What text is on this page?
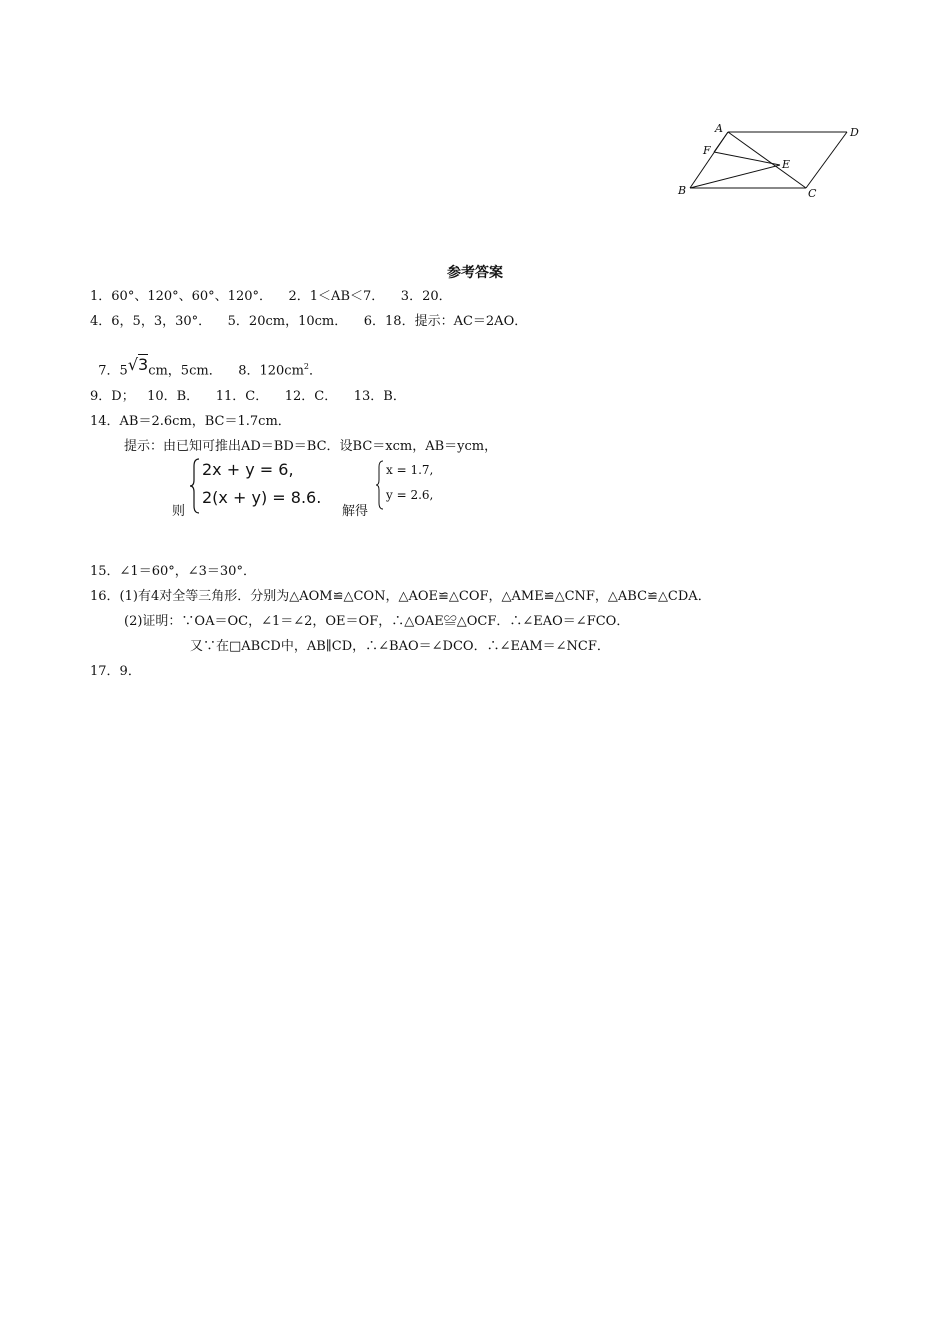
A	D
F
E
B	C
参考答案
1．60°、120°、60°、120°．    2．1＜AB＜7．    3．20．
4．6，5，3，30°．    5．20cm，10cm．    6．18．提示：AC＝2AO．

7．5√3cm，5cm．    8．$120cm^2$．

9．D；   10．B．    11．C．    12．C．    13．B．
14．AB＝2.6cm，BC＝1.7cm．
提示：由已知可推出AD＝BD＝BC．设BC＝xcm，AB＝ycm，
则
2x + y = 6,
2(x + y) = 8.6.
解得
x = 1.7,
y = 2.6,
15．∠1＝60°，∠3＝30°．
16．(1)有4对全等三角形．分别为△AOM≌△CON，△AOE≌△COF，△AME≌△CNF，△ABC≌△CDA．
(2)证明：∵OA＝OC，∠1＝∠2，OE＝OF，∴△OAE≌△OCF．∴∠EAO＝∠FCO．
又∵在□ABCD中，AB∥CD，∴∠BAO＝∠DCO．∴∠EAM＝∠NCF．
17．9．
